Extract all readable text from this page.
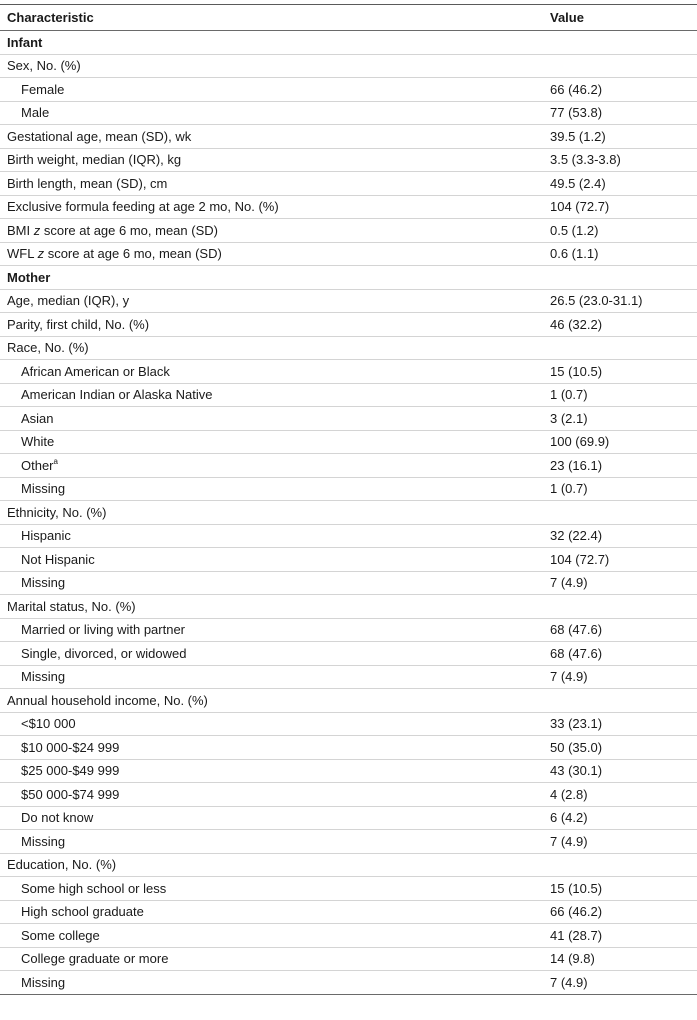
Characteristic	Value
Infant
Sex, No. (%)
Female	66 (46.2)
Male	77 (53.8)
Gestational age, mean (SD), wk	39.5 (1.2)
Birth weight, median (IQR), kg	3.5 (3.3-3.8)
Birth length, mean (SD), cm	49.5 (2.4)
Exclusive formula feeding at age 2 mo, No. (%)	104 (72.7)
BMI z score at age 6 mo, mean (SD)	0.5 (1.2)
WFL z score at age 6 mo, mean (SD)	0.6 (1.1)
Mother
Age, median (IQR), y	26.5 (23.0-31.1)
Parity, first child, No. (%)	46 (32.2)
Race, No. (%)
African American or Black	15 (10.5)
American Indian or Alaska Native	1 (0.7)
Asian	3 (2.1)
White	100 (69.9)
Other$^a$	23 (16.1)
Missing	1 (0.7)
Ethnicity, No. (%)
Hispanic	32 (22.4)
Not Hispanic	104 (72.7)
Missing	7 (4.9)
Marital status, No. (%)
Married or living with partner	68 (47.6)
Single, divorced, or widowed	68 (47.6)
Missing	7 (4.9)
Annual household income, No. (%)
<$10 000	33 (23.1)
$10 000-$24 999	50 (35.0)
$25 000-$49 999	43 (30.1)
$50 000-$74 999	4 (2.8)
Do not know	6 (4.2)
Missing	7 (4.9)
Education, No. (%)
Some high school or less	15 (10.5)
High school graduate	66 (46.2)
Some college	41 (28.7)
College graduate or more	14 (9.8)
Missing	7 (4.9)
